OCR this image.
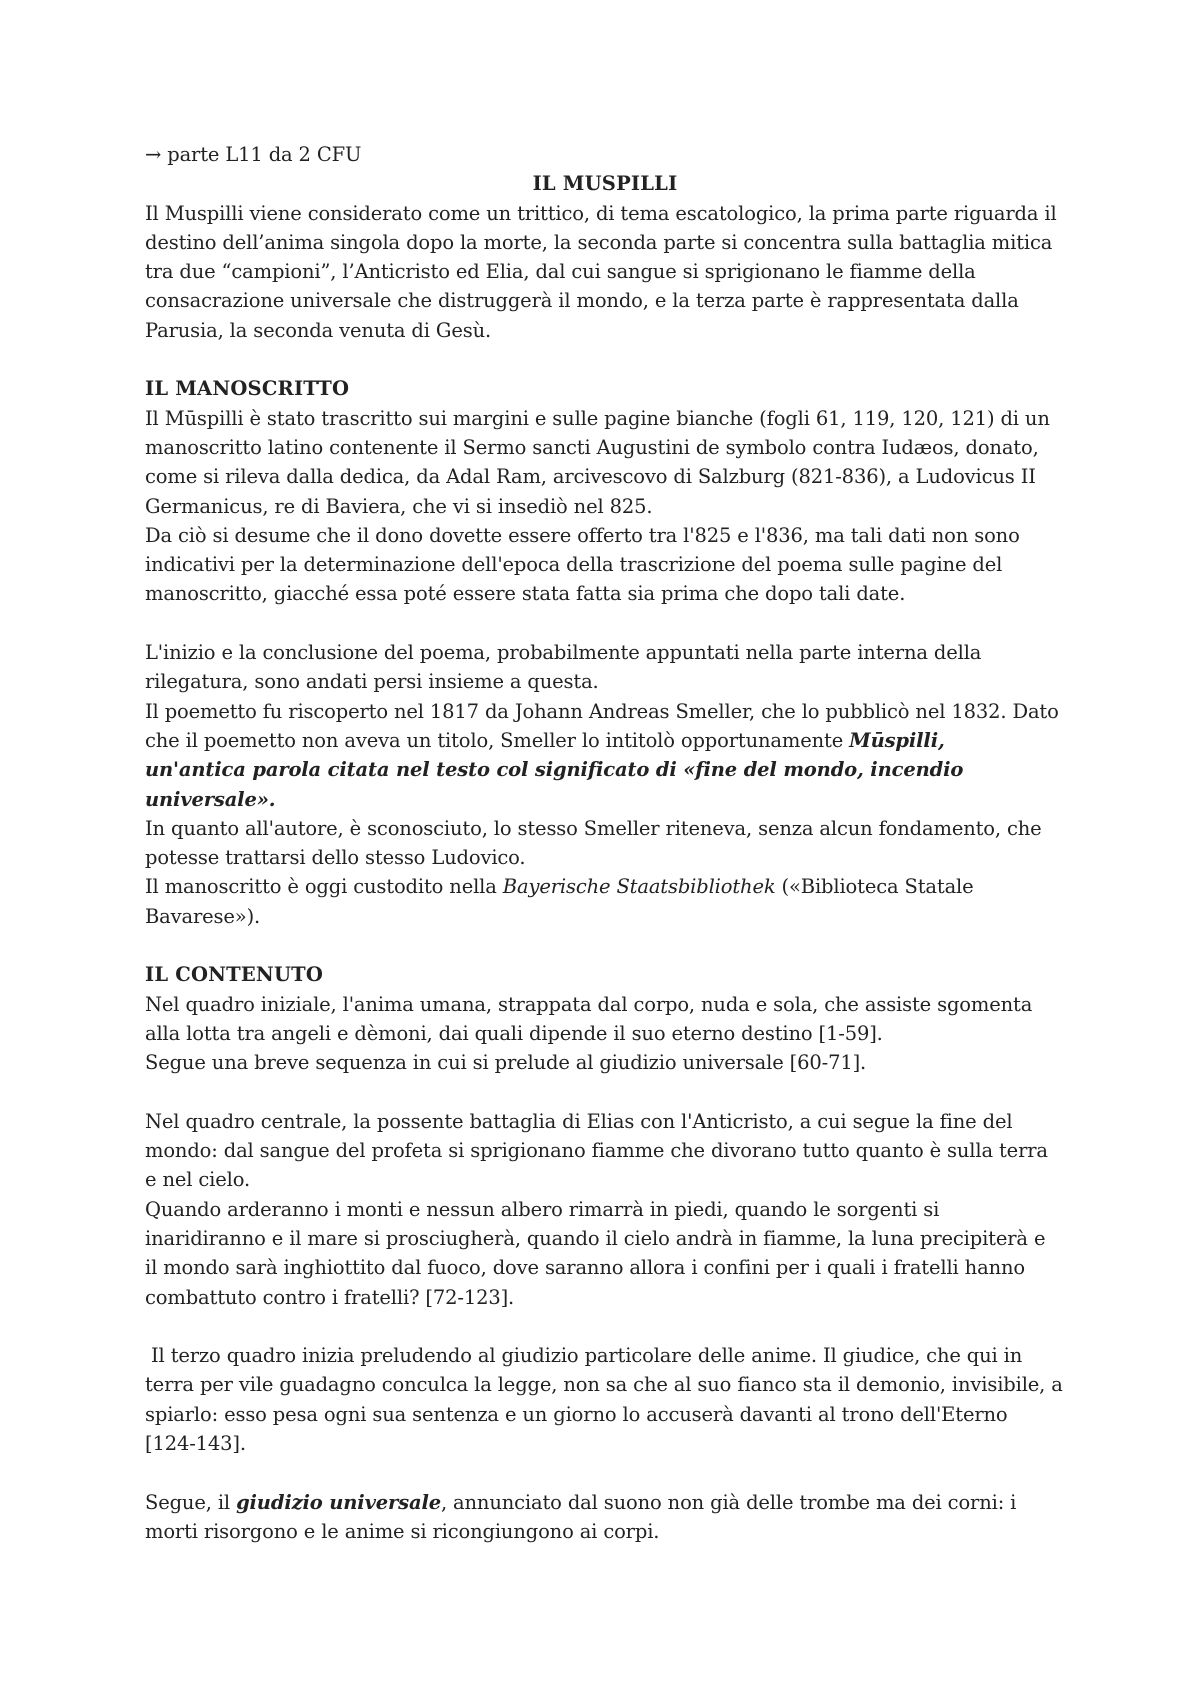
→ parte L11 da 2 CFU
IL MUSPILLI
Il Muspilli viene considerato come un trittico, di tema escatologico, la prima parte riguarda il
destino dell’anima singola dopo la morte, la seconda parte si concentra sulla battaglia mitica
tra due “campioni”, l’Anticristo ed Elia, dal cui sangue si sprigionano le fiamme della
consacrazione universale che distruggerà il mondo, e la terza parte è rappresentata dalla
Parusia, la seconda venuta di Gesù.
IL MANOSCRITTO
Il Mūspilli è stato trascritto sui margini e sulle pagine bianche (fogli 61, 119, 120, 121) di un
manoscritto latino contenente il Sermo sancti Augustini de symbolo contra Iudæos, donato,
come si rileva dalla dedica, da Adal Ram, arcivescovo di Salzburg (821-836), a Ludovicus II
Germanicus, re di Baviera, che vi si insediò nel 825.
Da ciò si desume che il dono dovette essere offerto tra l'825 e l'836, ma tali dati non sono
indicativi per la determinazione dell'epoca della trascrizione del poema sulle pagine del
manoscritto, giacché essa poté essere stata fatta sia prima che dopo tali date.
L'inizio e la conclusione del poema, probabilmente appuntati nella parte interna della
rilegatura, sono andati persi insieme a questa.
Il poemetto fu riscoperto nel 1817 da Johann Andreas Smeller, che lo pubblicò nel 1832. Dato
che il poemetto non aveva un titolo, Smeller lo intitolò opportunamente Mūspilli,
un'antica parola citata nel testo col significato di «fine del mondo, incendio
universale».
In quanto all'autore, è sconosciuto, lo stesso Smeller riteneva, senza alcun fondamento, che
potesse trattarsi dello stesso Ludovico.
Il manoscritto è oggi custodito nella Bayerische Staatsbibliothek («Biblioteca Statale
Bavarese»).
IL CONTENUTO
Nel quadro iniziale, l'anima umana, strappata dal corpo, nuda e sola, che assiste sgomenta
alla lotta tra angeli e dèmoni, dai quali dipende il suo eterno destino [1-59].
Segue una breve sequenza in cui si prelude al giudizio universale [60-71].
Nel quadro centrale, la possente battaglia di Elias con l'Anticristo, a cui segue la fine del
mondo: dal sangue del profeta si sprigionano fiamme che divorano tutto quanto è sulla terra
e nel cielo.
Quando arderanno i monti e nessun albero rimarrà in piedi, quando le sorgenti si
inaridiranno e il mare si prosciugherà, quando il cielo andrà in fiamme, la luna precipiterà e
il mondo sarà inghiottito dal fuoco, dove saranno allora i confini per i quali i fratelli hanno
combattuto contro i fratelli? [72-123].
Il terzo quadro inizia preludendo al giudizio particolare delle anime. Il giudice, che qui in
terra per vile guadagno conculca la legge, non sa che al suo fianco sta il demonio, invisibile, a
spiarlo: esso pesa ogni sua sentenza e un giorno lo accuserà davanti al trono dell'Eterno
[124-143].
Segue, il giudizio universale, annunciato dal suono non già delle trombe ma dei corni: i
morti risorgono e le anime si ricongiungono ai corpi.
